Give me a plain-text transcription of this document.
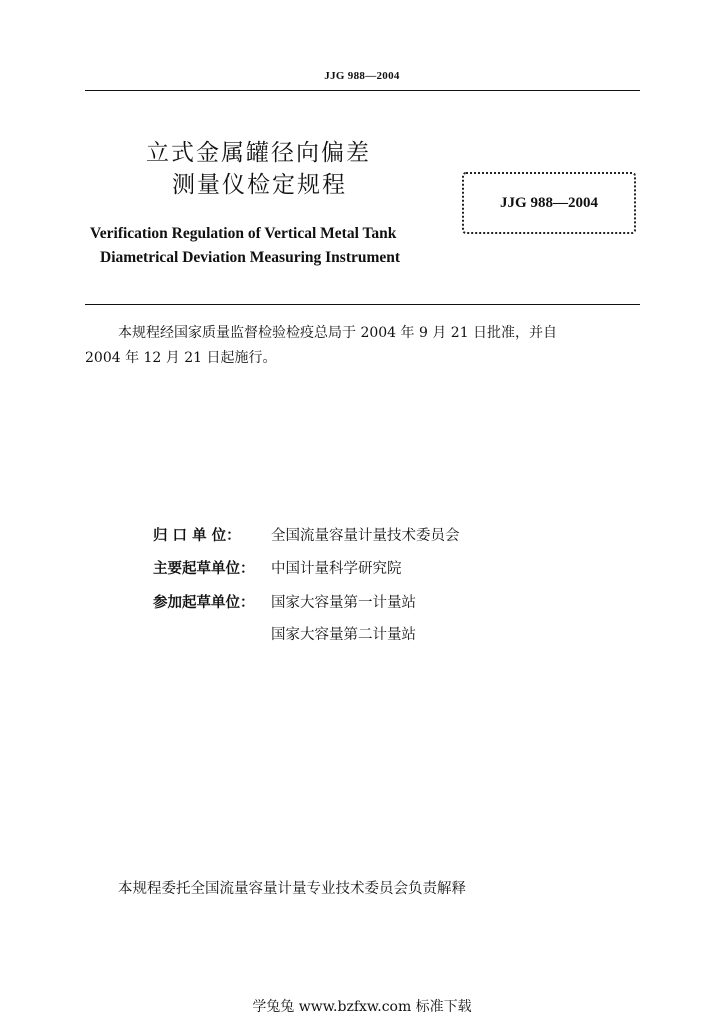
JJG 988—2004
立式金属罐径向偏差
测量仪检定规程
JJG 988—2004
Verification Regulation of Vertical Metal Tank
Diametrical Deviation Measuring Instrument
本规程经国家质量监督检验检疫总局于 2004 年 9 月 21 日批准，并自
2004 年 12 月 21 日起施行。
归 口 单 位： 全国流量容量计量技术委员会
主要起草单位： 中国计量科学研究院
参加起草单位： 国家大容量第一计量站
国家大容量第二计量站
本规程委托全国流量容量计量专业技术委员会负责解释
学兔兔 www.bzfxw.com 标准下载
